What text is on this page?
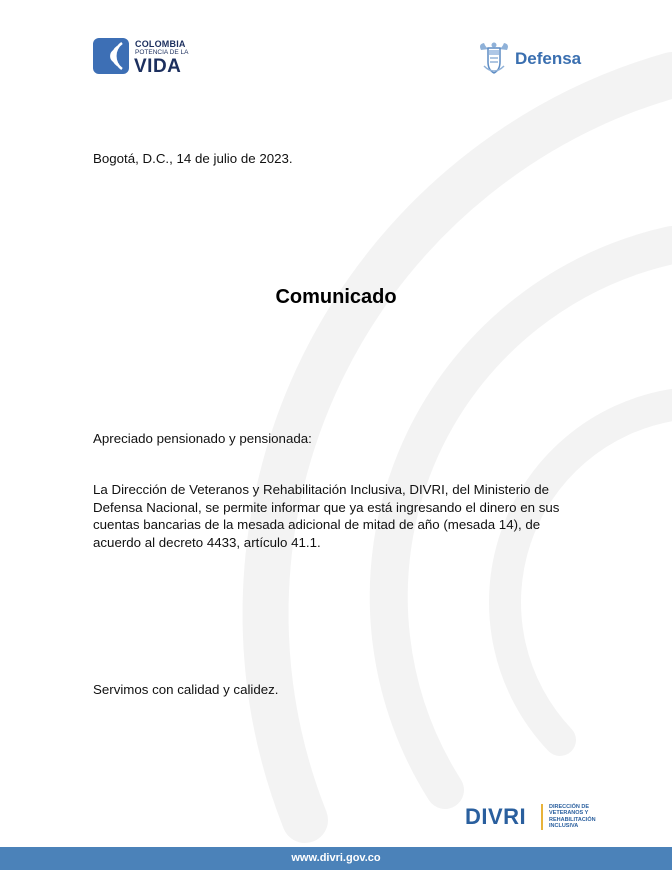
COLOMBIA
POTENCIA DE LA
VIDA	Defensa

Bogotá, D.C., 14 de julio de 2023.

Comunicado

Apreciado pensionado y pensionada:

La Dirección de Veteranos y Rehabilitación Inclusiva, DIVRI, del Ministerio de Defensa Nacional, se permite informar que ya está ingresando el dinero en sus cuentas bancarias de la mesada adicional de mitad de año (mesada 14), de acuerdo al decreto 4433, artículo 41.1.

Servimos con calidad y calidez.

DIVRI	DIRECCIÓN DE
VETERANOS Y
REHABILITACIÓN
INCLUSIVA
www.divri.gov.co
